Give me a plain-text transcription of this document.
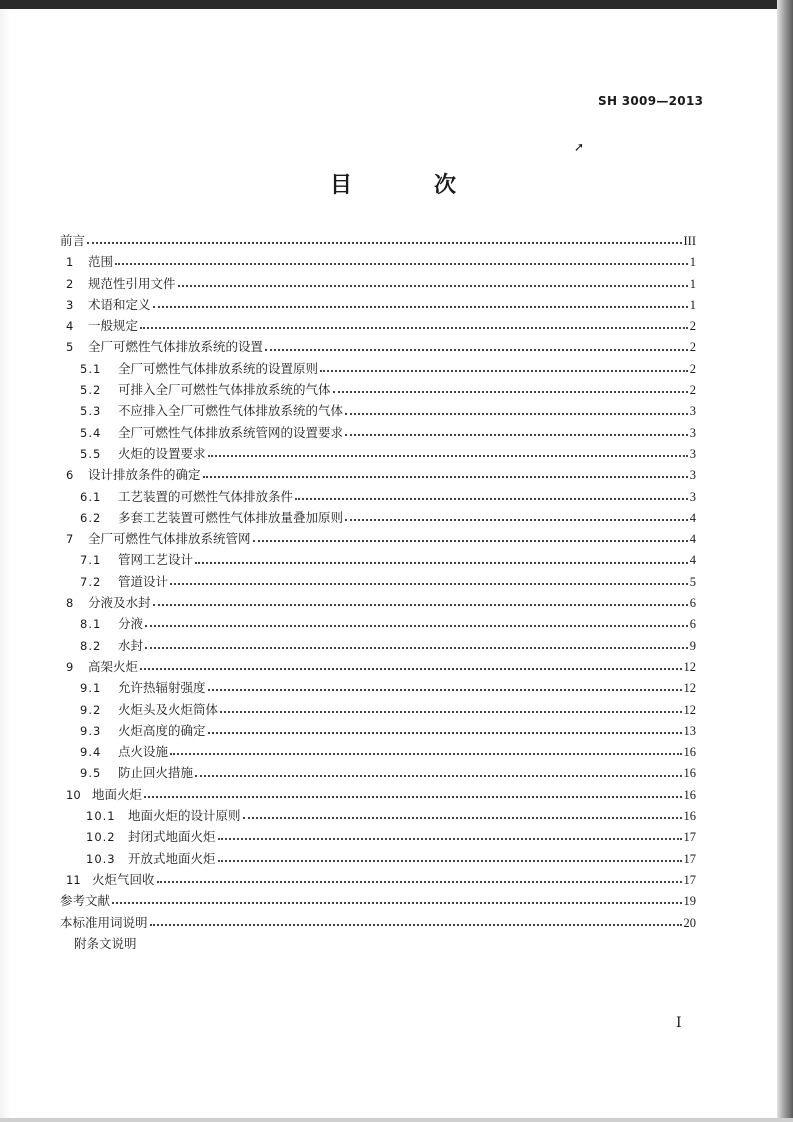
SH 3009—2013
➚
目　次
前言	III
1	范围	1
2	规范性引用文件	1
3	术语和定义	1
4	一般规定	2
5	全厂可燃性气体排放系统的设置	2
5.1	全厂可燃性气体排放系统的设置原则	2
5.2	可排入全厂可燃性气体排放系统的气体	2
5.3	不应排入全厂可燃性气体排放系统的气体	3
5.4	全厂可燃性气体排放系统管网的设置要求	3
5.5	火炬的设置要求	3
6	设计排放条件的确定	3
6.1	工艺装置的可燃性气体排放条件	3
6.2	多套工艺装置可燃性气体排放量叠加原则	4
7	全厂可燃性气体排放系统管网	4
7.1	管网工艺设计	4
7.2	管道设计	5
8	分液及水封	6
8.1	分液	6
8.2	水封	9
9	高架火炬	12
9.1	允许热辐射强度	12
9.2	火炬头及火炬筒体	12
9.3	火炬高度的确定	13
9.4	点火设施	16
9.5	防止回火措施	16
10 地面火炬	16
10.1 地面火炬的设计原则	16
10.2 封闭式地面火炬	17
10.3 开放式地面火炬	17
11 火炬气回收	17
参考文献	19
本标准用词说明	20
附条文说明
I
